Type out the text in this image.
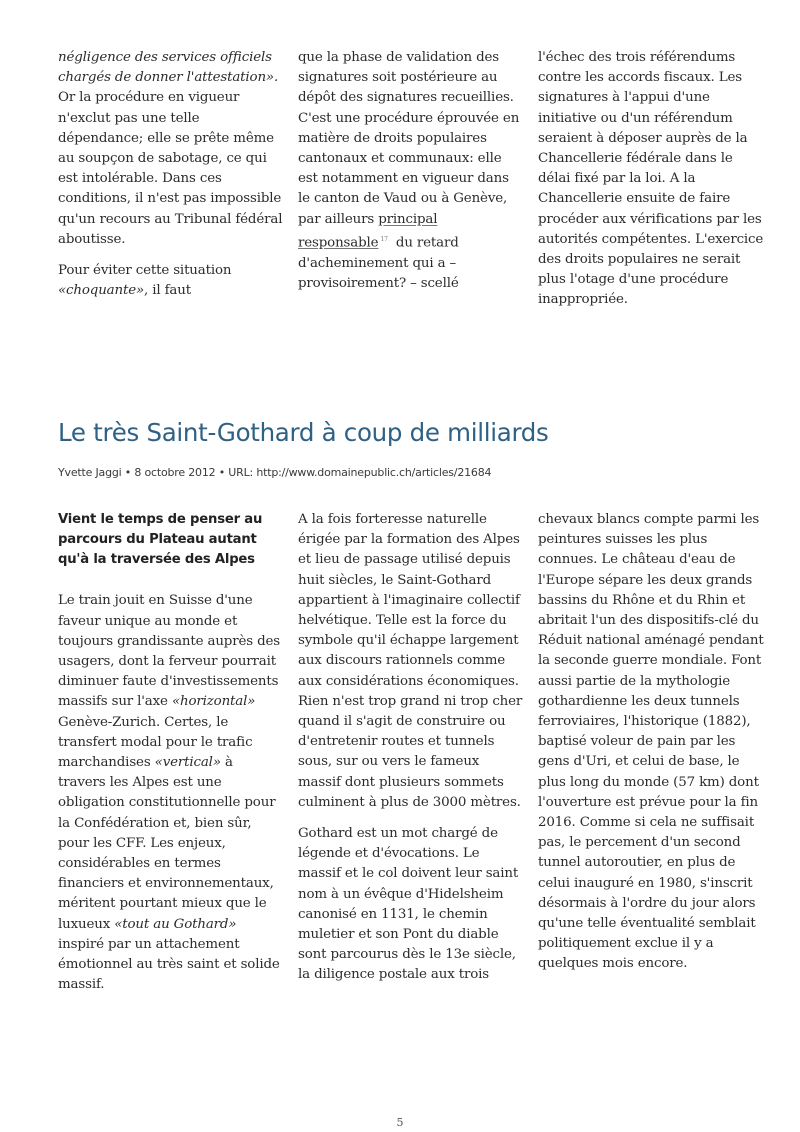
négligence des services officiels chargés de donner l'attestation». Or la procédure en vigueur n'exclut pas une telle dépendance; elle se prête même au soupçon de sabotage, ce qui est intolérable. Dans ces conditions, il n'est pas impossible qu'un recours au Tribunal fédéral aboutisse.

Pour éviter cette situation «choquante», il faut

que la phase de validation des signatures soit postérieure au dépôt des signatures recueillies. C'est une procédure éprouvée en matière de droits populaires cantonaux et communaux: elle est notamment en vigueur dans le canton de Vaud ou à Genève, par ailleurs principal responsable $^{17}$ du retard d'acheminement qui a – provisoirement? – scellé

l'échec des trois référendums contre les accords fiscaux. Les signatures à l'appui d'une initiative ou d'un référendum seraient à déposer auprès de la Chancellerie fédérale dans le délai fixé par la loi. A la Chancellerie ensuite de faire procéder aux vérifications par les autorités compétentes. L'exercice des droits populaires ne serait plus l'otage d'une procédure inappropriée.

Le très Saint-Gothard à coup de milliards
Yvette Jaggi • 8 octobre 2012 • URL: http://www.domainepublic.ch/articles/21684
Vient le temps de penser au parcours du Plateau autant qu'à la traversée des Alpes

Le train jouit en Suisse d'une faveur unique au monde et toujours grandissante auprès des usagers, dont la ferveur pourrait diminuer faute d'investissements massifs sur l'axe «horizontal» Genève-Zurich. Certes, le transfert modal pour le trafic marchandises «vertical» à travers les Alpes est une obligation constitutionnelle pour la Confédération et, bien sûr, pour les CFF. Les enjeux, considérables en termes financiers et environnementaux, méritent pourtant mieux que le luxueux «tout au Gothard» inspiré par un attachement émotionnel au très saint et solide massif.

A la fois forteresse naturelle érigée par la formation des Alpes et lieu de passage utilisé depuis huit siècles, le Saint-Gothard appartient à l'imaginaire collectif helvétique. Telle est la force du symbole qu'il échappe largement aux discours rationnels comme aux considérations économiques. Rien n'est trop grand ni trop cher quand il s'agit de construire ou d'entretenir routes et tunnels sous, sur ou vers le fameux massif dont plusieurs sommets culminent à plus de 3000 mètres.

Gothard est un mot chargé de légende et d'évocations. Le massif et le col doivent leur saint nom à un évêque d'Hidelsheim canonisé en 1131, le chemin muletier et son Pont du diable sont parcourus dès le 13e siècle, la diligence postale aux trois

chevaux blancs compte parmi les peintures suisses les plus connues. Le château d'eau de l'Europe sépare les deux grands bassins du Rhône et du Rhin et abritait l'un des dispositifs-clé du Réduit national aménagé pendant la seconde guerre mondiale. Font aussi partie de la mythologie gothardienne les deux tunnels ferroviaires, l'historique (1882), baptisé voleur de pain par les gens d'Uri, et celui de base, le plus long du monde (57 km) dont l'ouverture est prévue pour la fin 2016. Comme si cela ne suffisait pas, le percement d'un second tunnel autoroutier, en plus de celui inauguré en 1980, s'inscrit désormais à l'ordre du jour alors qu'une telle éventualité semblait politiquement exclue il y a quelques mois encore.

5
